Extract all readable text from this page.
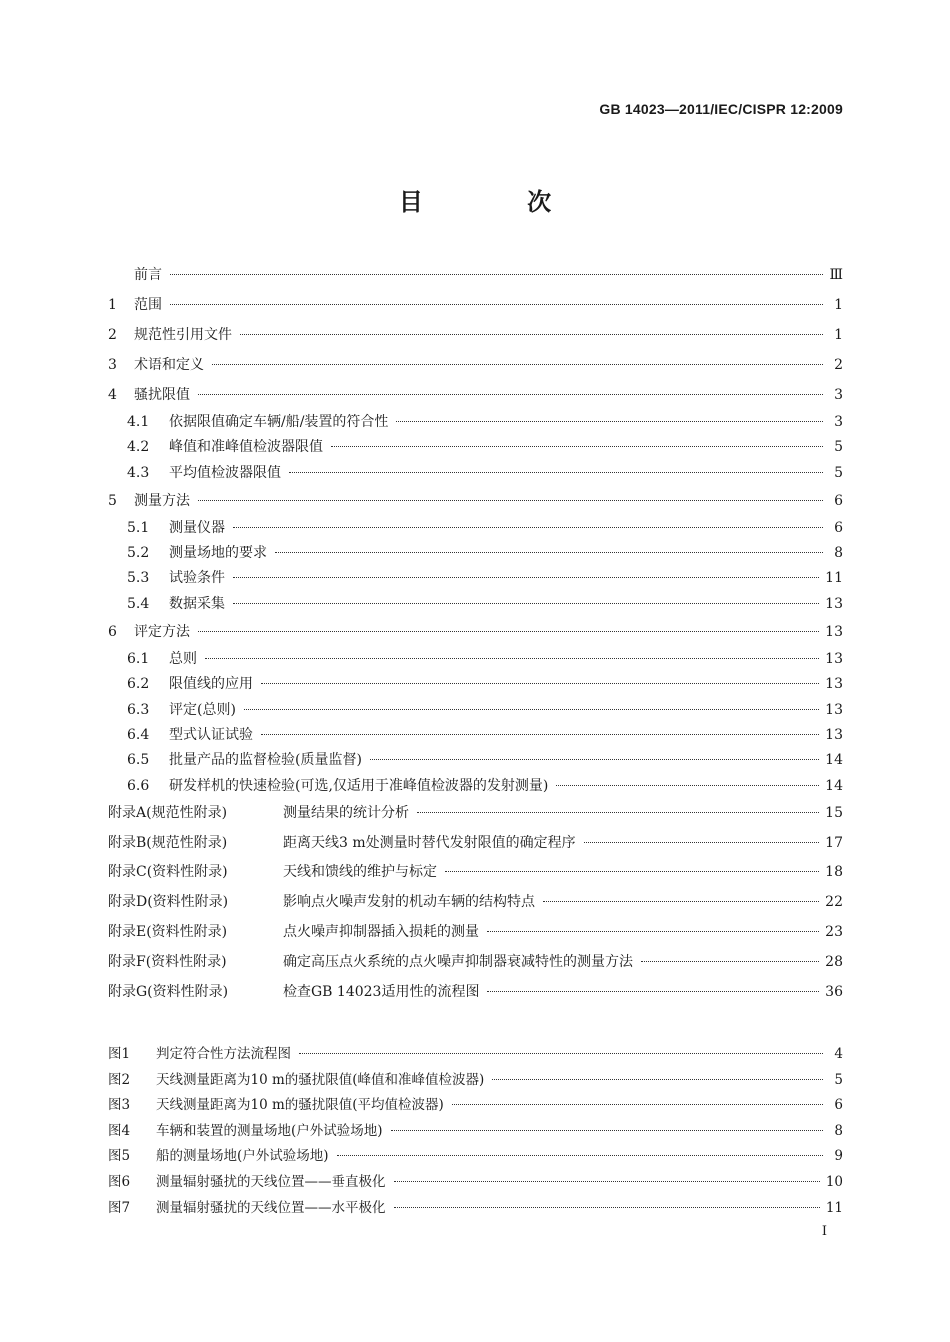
GB 14023—2011/IEC/CISPR 12:2009
目 次
前言	Ⅲ
1	范围	1
2	规范性引用文件	1
3	术语和定义	2
4	骚扰限值	3
4.1	依据限值确定车辆/船/装置的符合性	3
4.2	峰值和准峰值检波器限值	5
4.3	平均值检波器限值	5
5	测量方法	6
5.1	测量仪器	6
5.2	测量场地的要求	8
5.3	试验条件	11
5.4	数据采集	13
6	评定方法	13
6.1	总则	13
6.2	限值线的应用	13
6.3	评定(总则)	13
6.4	型式认证试验	13
6.5	批量产品的监督检验(质量监督)	14
6.6	研发样机的快速检验(可选,仅适用于准峰值检波器的发射测量)	14
附录A(规范性附录)	测量结果的统计分析	15
附录B(规范性附录)	距离天线3 m处测量时替代发射限值的确定程序	17
附录C(资料性附录)	天线和馈线的维护与标定	18
附录D(资料性附录)	影响点火噪声发射的机动车辆的结构特点	22
附录E(资料性附录)	点火噪声抑制器插入损耗的测量	23
附录F(资料性附录)	确定高压点火系统的点火噪声抑制器衰减特性的测量方法	28
附录G(资料性附录)	检查GB 14023适用性的流程图	36
图1	判定符合性方法流程图	4
图2	天线测量距离为10 m的骚扰限值(峰值和准峰值检波器)	5
图3	天线测量距离为10 m的骚扰限值(平均值检波器)	6
图4	车辆和装置的测量场地(户外试验场地)	8
图5	船的测量场地(户外试验场地)	9
图6	测量辐射骚扰的天线位置——垂直极化	10
图7	测量辐射骚扰的天线位置——水平极化	11
Ⅰ
